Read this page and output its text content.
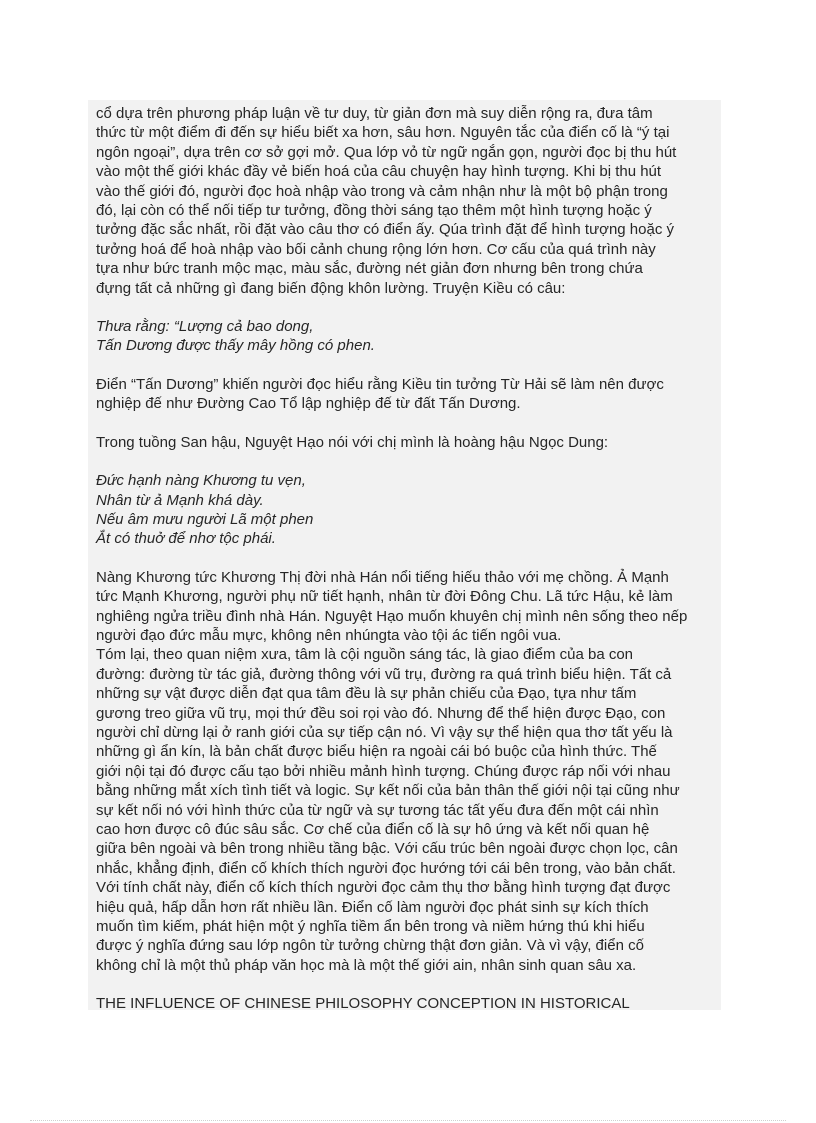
cổ dựa trên phương pháp luận về tư duy, từ giản đơn mà suy diễn rộng ra, đưa tâm
thức từ một điểm đi đến sự hiểu biết xa hơn, sâu hơn. Nguyên tắc của điển cố là “ý tại
ngôn ngoại”, dựa trên cơ sở gợi mở. Qua lớp vỏ từ ngữ ngắn gọn, người đọc bị thu hút
vào một thế giới khác đầy vẻ biến hoá của câu chuyện hay hình tượng. Khi bị thu hút
vào thế giới đó, người đọc hoà nhập vào trong và cảm nhận như là một bộ phận trong
đó, lại còn có thể nối tiếp tư tưởng, đồng thời sáng tạo thêm một hình tượng hoặc ý
tưởng đặc sắc nhất, rồi đặt vào câu thơ có điển ấy. Qúa trình đặt để hình tượng hoặc ý
tưởng hoá để hoà nhập vào bối cảnh chung rộng lớn hơn. Cơ cấu của quá trình này
tựa như bức tranh mộc mạc, màu sắc, đường nét giản đơn nhưng bên trong chứa
đựng tất cả những gì đang biến động khôn lường. Truyện Kiều có câu:

Thưa rằng: “Lượng cả bao dong,
Tấn Dương được thấy mây hồng có phen.

Điển “Tấn Dương” khiến người đọc hiểu rằng Kiều tin tưởng Từ Hải sẽ làm nên được
nghiệp đế như Đường Cao Tổ lập nghiệp đế từ đất Tấn Dương.

Trong tuồng San hậu, Nguyệt Hạo nói với chị mình là hoàng hậu Ngọc Dung:

Đức hạnh nàng Khương tu vẹn,
Nhân từ ả Mạnh khá dày.
Nếu âm mưu người Lã một phen
Ắt có thuở để nhơ tộc phái.

Nàng Khương tức Khương Thị đời nhà Hán nổi tiếng hiếu thảo với mẹ chồng. Ả Mạnh
tức Mạnh Khương, người phụ nữ tiết hạnh, nhân từ đời Đông Chu. Lã tức Hậu, kẻ làm
nghiêng ngửa triều đình nhà Hán. Nguyệt Hạo muốn khuyên chị mình nên sống theo nếp
người đạo đức mẫu mực, không nên nhúngta vào tội ác tiến ngôi vua.

Tóm lại, theo quan niệm xưa, tâm là cội nguồn sáng tác, là giao điểm của ba con
đường: đường từ tác giả, đường thông với vũ trụ, đường ra quá trình biểu hiện. Tất cả
những sự vật được diễn đạt qua tâm đều là sự phản chiếu của Đạo, tựa như tấm
gương treo giữa vũ trụ, mọi thứ đều soi rọi vào đó. Nhưng để thể hiện được Đạo, con
người chỉ dừng lại ở ranh giới của sự tiếp cận nó. Vì vậy sự thể hiện qua thơ tất yếu là
những gì ẩn kín, là bản chất được biểu hiện ra ngoài cái bó buộc của hình thức. Thế
giới nội tại đó được cấu tạo bởi nhiều mảnh hình tượng. Chúng được ráp nối với nhau
bằng những mắt xích tình tiết và logic. Sự kết nối của bản thân thế giới nội tại cũng như
sự kết nối nó với hình thức của từ ngữ và sự tương tác tất yếu đưa đến một cái nhìn
cao hơn được cô đúc sâu sắc. Cơ chế của điển cố là sự hô ứng và kết nối quan hệ
giữa bên ngoài và bên trong nhiều tầng bậc. Với cấu trúc bên ngoài được chọn lọc, cân
nhắc, khẳng định, điển cố khích thích người đọc hướng tới cái bên trong, vào bản chất.
Với tính chất này, điển cố kích thích người đọc cảm thụ thơ bằng hình tượng đạt được
hiệu quả, hấp dẫn hơn rất nhiều lần. Điển cố làm người đọc phát sinh sự kích thích
muốn tìm kiếm, phát hiện một ý nghĩa tiềm ẩn bên trong và niềm hứng thú khi hiểu
được ý nghĩa đứng sau lớp ngôn từ tưởng chừng thật đơn giản. Và vì vậy, điển cố
không chỉ là một thủ pháp văn học mà là một thế giới ain, nhân sinh quan sâu xa.

THE INFLUENCE OF CHINESE PHILOSOPHY CONCEPTION IN HISTORICAL
